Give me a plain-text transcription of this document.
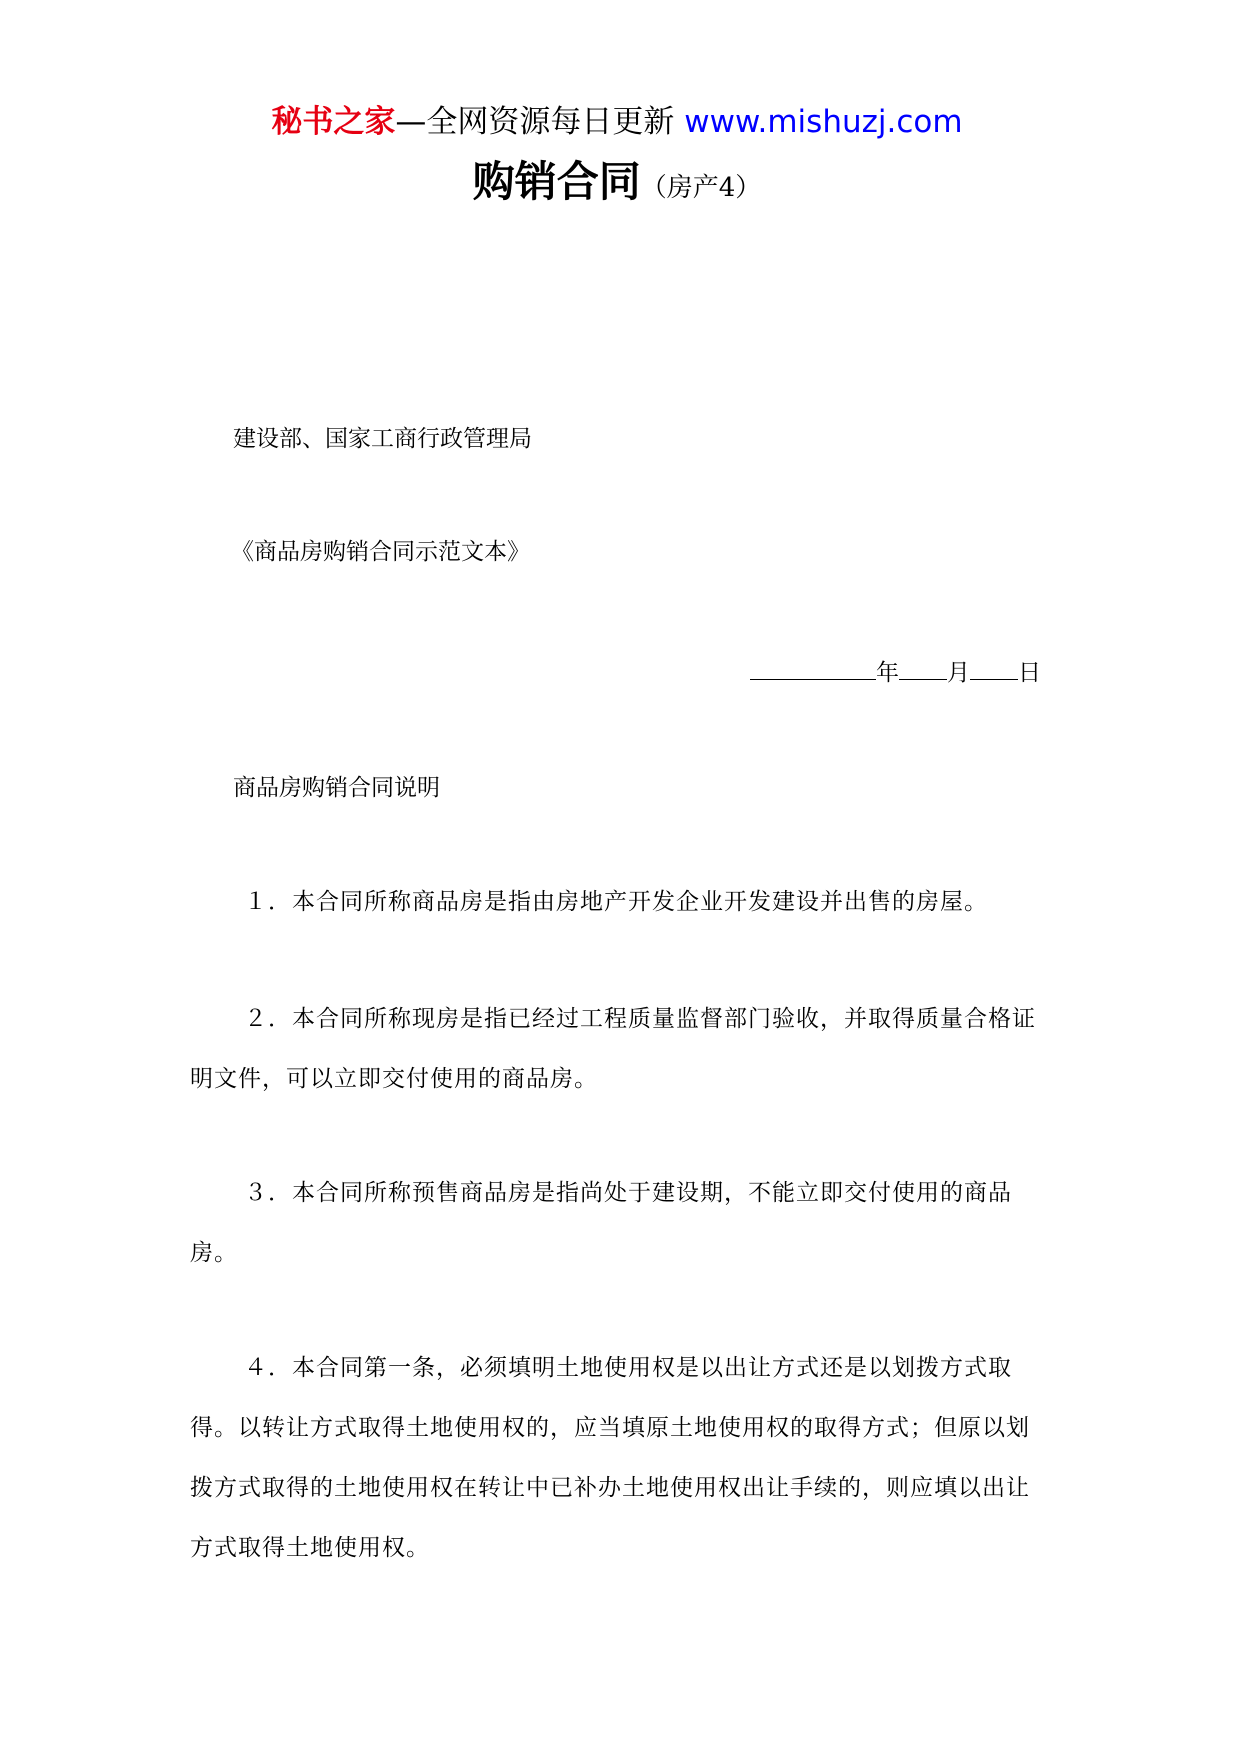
秘书之家—全网资源每日更新 www.mishuzj.com
购销合同（房产4）
建设部、国家工商行政管理局
《商品房购销合同示范文本》
年 月 日
商品房购销合同说明
１．本合同所称商品房是指由房地产开发企业开发建设并出售的房屋。
２．本合同所称现房是指已经过工程质量监督部门验收，并取得质量合格证明文件，可以立即交付使用的商品房。
３．本合同所称预售商品房是指尚处于建设期，不能立即交付使用的商品房。
４．本合同第一条，必须填明土地使用权是以出让方式还是以划拨方式取得。以转让方式取得土地使用权的，应当填原土地使用权的取得方式；但原以划拨方式取得的土地使用权在转让中已补办土地使用权出让手续的，则应填以出让方式取得土地使用权。
